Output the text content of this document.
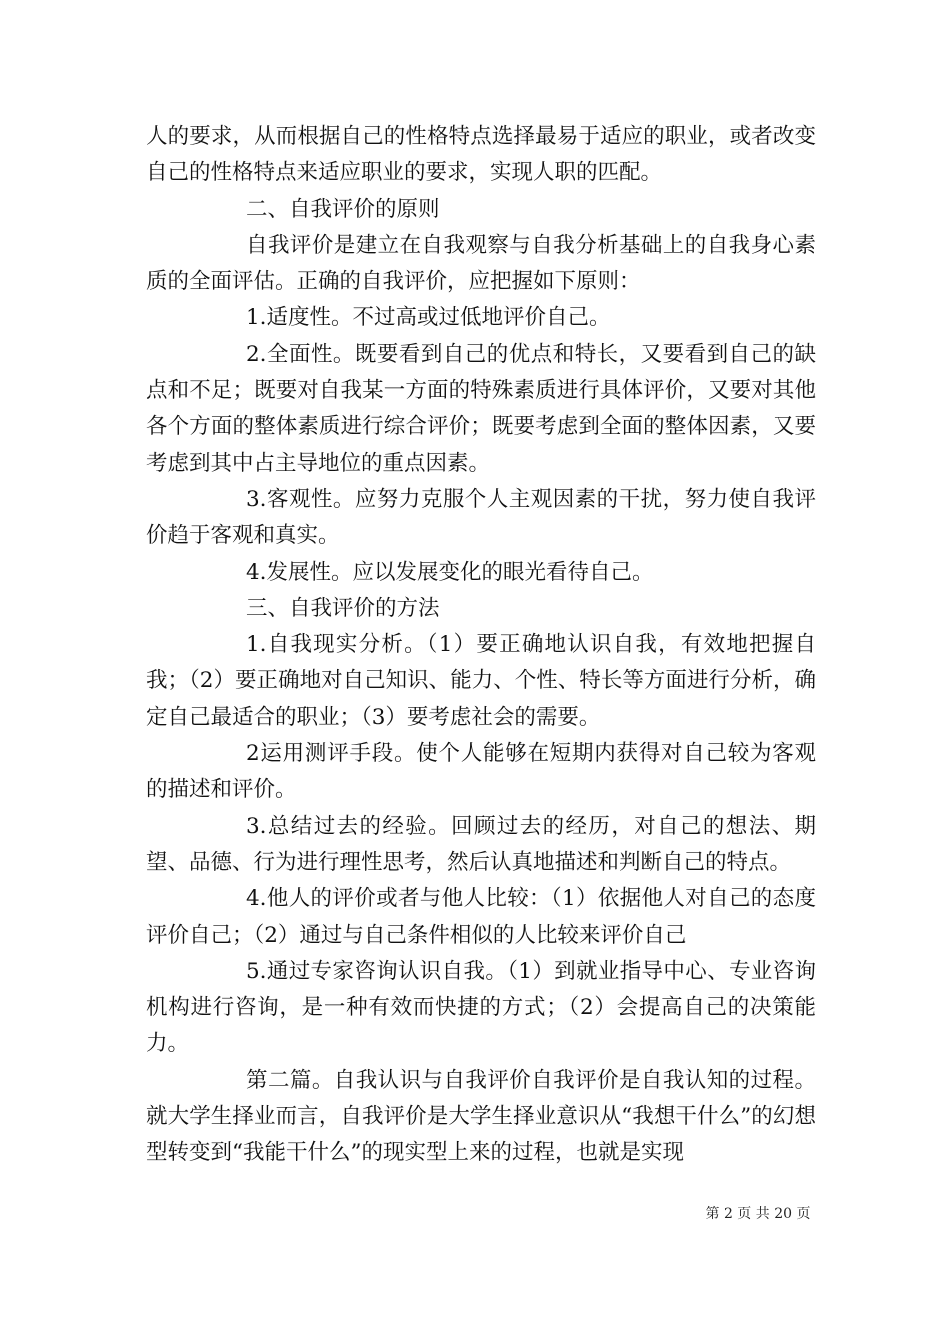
人的要求，从而根据自己的性格特点选择最易于适应的职业，或者改变自己的性格特点来适应职业的要求，实现人职的匹配。

二、自我评价的原则

自我评价是建立在自我观察与自我分析基础上的自我身心素质的全面评估。正确的自我评价，应把握如下原则：

1.适度性。不过高或过低地评价自己。

2.全面性。既要看到自己的优点和特长，又要看到自己的缺点和不足；既要对自我某一方面的特殊素质进行具体评价，又要对其他各个方面的整体素质进行综合评价；既要考虑到全面的整体因素，又要考虑到其中占主导地位的重点因素。

3.客观性。应努力克服个人主观因素的干扰，努力使自我评价趋于客观和真实。

4.发展性。应以发展变化的眼光看待自己。

三、自我评价的方法

1.自我现实分析。（1）要正确地认识自我，有效地把握自我；（2）要正确地对自己知识、能力、个性、特长等方面进行分析，确定自己最适合的职业；（3）要考虑社会的需要。

2运用测评手段。使个人能够在短期内获得对自己较为客观的描述和评价。

3.总结过去的经验。回顾过去的经历，对自己的想法、期望、品德、行为进行理性思考，然后认真地描述和判断自己的特点。

4.他人的评价或者与他人比较：（1）依据他人对自己的态度评价自己；（2）通过与自己条件相似的人比较来评价自己

5.通过专家咨询认识自我。（1）到就业指导中心、专业咨询机构进行咨询，是一种有效而快捷的方式；（2）会提高自己的决策能力。

第二篇。自我认识与自我评价自我评价是自我认知的过程。就大学生择业而言，自我评价是大学生择业意识从“我想干什么”的幻想型转变到“我能干什么”的现实型上来的过程，也就是实现

第 2 页 共 20 页
